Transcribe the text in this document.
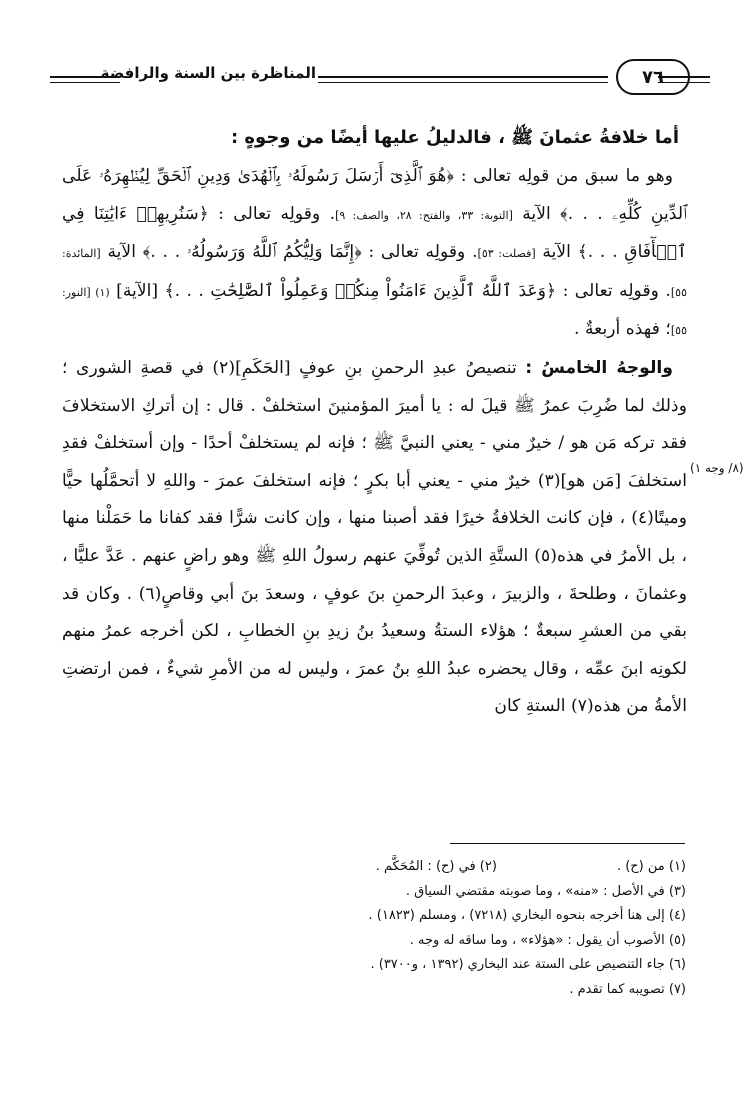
المناظرة بين السنة والرافضة	٧٦

أما خلافةُ عثمانَ ﷺ ، فالدليلُ عليها أيضًا من وجوهٍ :

وهو ما سبق من قولِه تعالى : ﴿هُوَ ٱلَّذِىٓ أَرۡسَلَ رَسُولَهُۥ بِٱلۡهُدَىٰ وَدِينِ ٱلۡحَقِّ لِيُظۡهِرَهُۥ عَلَى ٱلدِّينِ كُلِّهِۦ . . .﴾ الآية [التوبة: ٣٣، والفتح: ٢٨، والصف: ٩]. وقولِه تعالى : ﴿سَنُرِيهِمۡ ءَايَٰتِنَا فِي ٱلۡأٓفَاقِ . . .﴾ الآية [فصلت: ٥٣]. وقولِه تعالى : ﴿إِنَّمَا وَلِيُّكُمُ ٱللَّهُ وَرَسُولُهُۥ . . .﴾ الآية [المائدة: ٥٥]. وقولِه تعالى : ﴿وَعَدَ ٱللَّهُ ٱلَّذِينَ ءَامَنُواْ مِنكُمۡ وَعَمِلُواْ ٱلصَّٰلِحَٰتِ . . .﴾ [الآية] (١) [النور: ٥٥]؛ فهذه أربعةٌ .

والوجهُ الخامسُ : تنصيصُ عبدِ الرحمنِ بنِ عوفٍ [الحَكَمِ](٢) في قصةِ الشورى ؛ وذلك لما ضُرِبَ عمرُ ﷺ قيلَ له : يا أميرَ المؤمنينَ استخلفْ . قال : إن أتركِ الاستخلافَ فقد تركه مَن هو / خيرٌ مني - يعني النبيَّ ﷺ ؛ فإنه لم يستخلفْ أحدًا - وإن أستخلفْ فقدِ استخلفَ [مَن هو](٣) خيرٌ مني - يعني أبا بكرٍ ؛ فإنه استخلفَ عمرَ - واللهِ لا أتحمَّلُها حيًّا وميتًا(٤) ، فإن كانت الخلافةُ خيرًا فقد أصبنا منها ، وإن كانت شرًّا فقد كفانا ما حَمَلْنا منها ، بل الأمرُ في هذه(٥) الستَّةِ الذين تُوفِّيَ عنهم رسولُ اللهِ ﷺ وهو راضٍ عنهم . عَدَّ عليًّا ، وعثمانَ ، وطلحةَ ، والزبيرَ ، وعبدَ الرحمنِ بنَ عوفٍ ، وسعدَ بنَ أبي وقاصٍ(٦) . وكان قد بقي من العشرِ سبعةٌ ؛ هؤلاء الستةُ وسعيدُ بنُ زيدِ بنِ الخطابِ ، لكن أخرجه عمرُ منهم لكونِه ابنَ عمِّه ، وقال يحضره عبدُ اللهِ بنُ عمرَ ، وليس له من الأمرِ شيءٌ ، فمن ارتضتِ الأمةُ من هذه(٧) الستةِ كان

(٨/ وجه ١)
(١) من (ح) .
(٢) في (ح) : المُحَكَّم .
(٣) في الأصل : «منه» ، وما صوبته مقتضي السياق .
(٤) إلى هنا أخرجه بنحوه البخاري (٧٢١٨) ، ومسلم (١٨٢٣) .
(٥) الأصوب أن يقول : «هؤلاء» ، وما ساقه له وجه .
(٦) جاء التنصيص على الستة عند البخاري (١٣٩٢ ، و٣٧٠٠) .
(٧) تصويبه كما تقدم .
